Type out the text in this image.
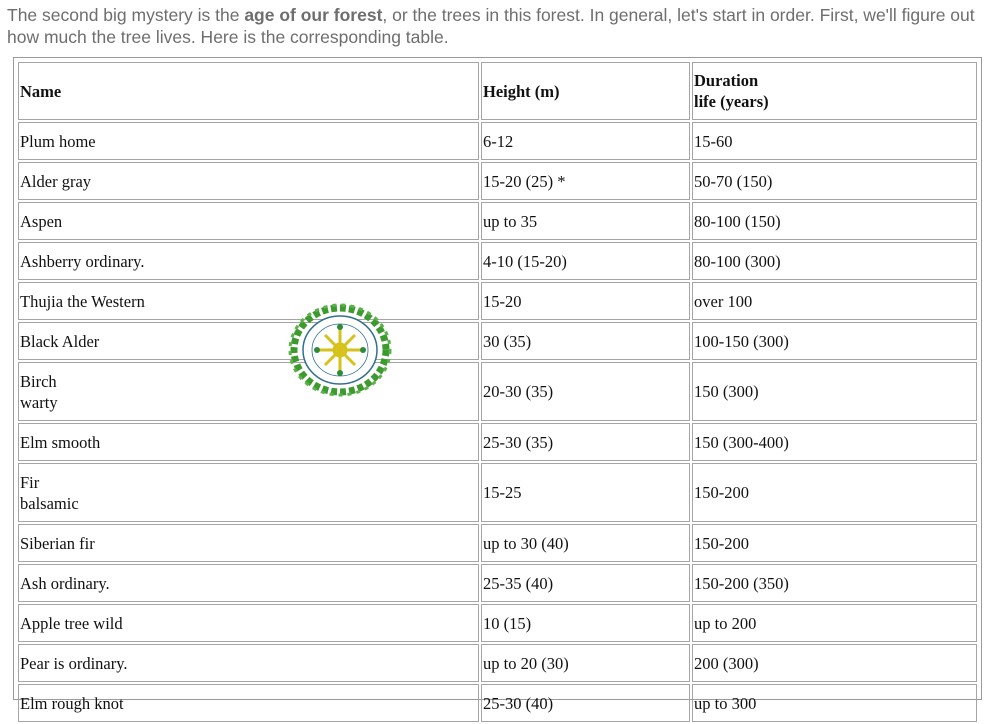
The second big mystery is the age of our forest, or the trees in this forest. In general, let's start in order. First, we'll figure out how much the tree lives. Here is the corresponding table.
Name	Height (m)	Duration
life (years)

Plum home	6-12	15-60

Alder gray	15-20 (25) *	50-70 (150)

Aspen	up to 35	80-100 (150)

Ashberry ordinary.	4-10 (15-20)	80-100 (300)

Thujia the Western	15-20	over 100

Black Alder	30 (35)	100-150 (300)

Birch
warty	20-30 (35)	150 (300)

Elm smooth	25-30 (35)	150 (300-400)

Fir
balsamic	15-25	150-200

Siberian fir	up to 30 (40)	150-200

Ash ordinary.	25-35 (40)	150-200 (350)

Apple tree wild	10 (15)	up to 200

Pear is ordinary.	up to 20 (30)	200 (300)

Elm rough knot	25-30 (40)	up to 300
